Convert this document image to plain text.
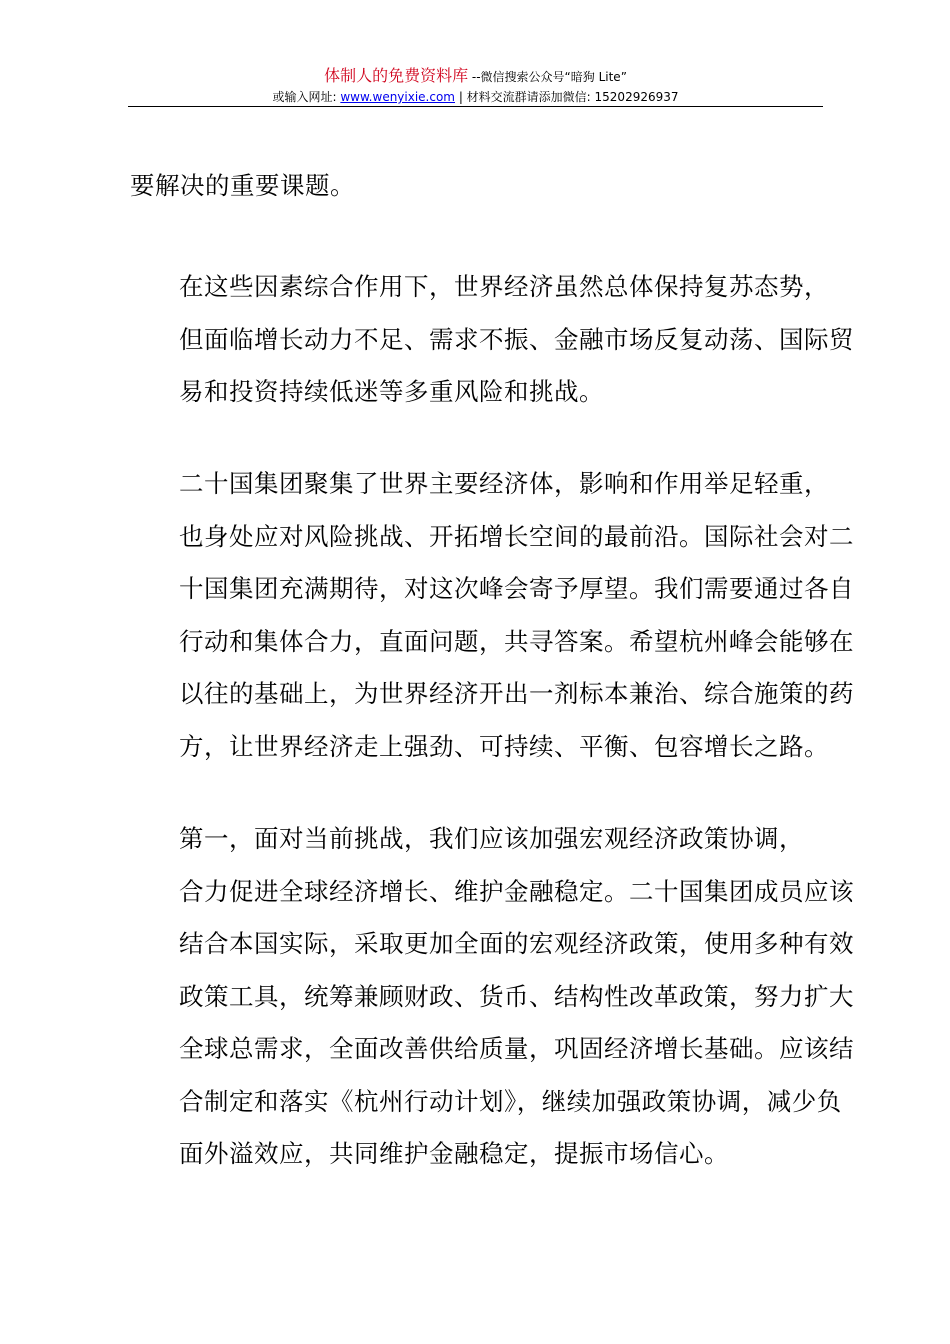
体制人的免费资料库 --微信搜索公众号“暗狗 Lite”
或输入网址: www.wenyixie.com | 材料交流群请添加微信: 15202926937

要解决的重要课题。

在这些因素综合作用下，世界经济虽然总体保持复苏态势，
但面临增长动力不足、需求不振、金融市场反复动荡、国际贸
易和投资持续低迷等多重风险和挑战。

二十国集团聚集了世界主要经济体，影响和作用举足轻重，
也身处应对风险挑战、开拓增长空间的最前沿。国际社会对二
十国集团充满期待，对这次峰会寄予厚望。我们需要通过各自
行动和集体合力，直面问题，共寻答案。希望杭州峰会能够在
以往的基础上，为世界经济开出一剂标本兼治、综合施策的药
方，让世界经济走上强劲、可持续、平衡、包容增长之路。

第一，面对当前挑战，我们应该加强宏观经济政策协调，
合力促进全球经济增长、维护金融稳定。二十国集团成员应该
结合本国实际，采取更加全面的宏观经济政策，使用多种有效
政策工具，统筹兼顾财政、货币、结构性改革政策，努力扩大
全球总需求，全面改善供给质量，巩固经济增长基础。应该结
合制定和落实《杭州行动计划》，继续加强政策协调，减少负
面外溢效应，共同维护金融稳定，提振市场信心。
